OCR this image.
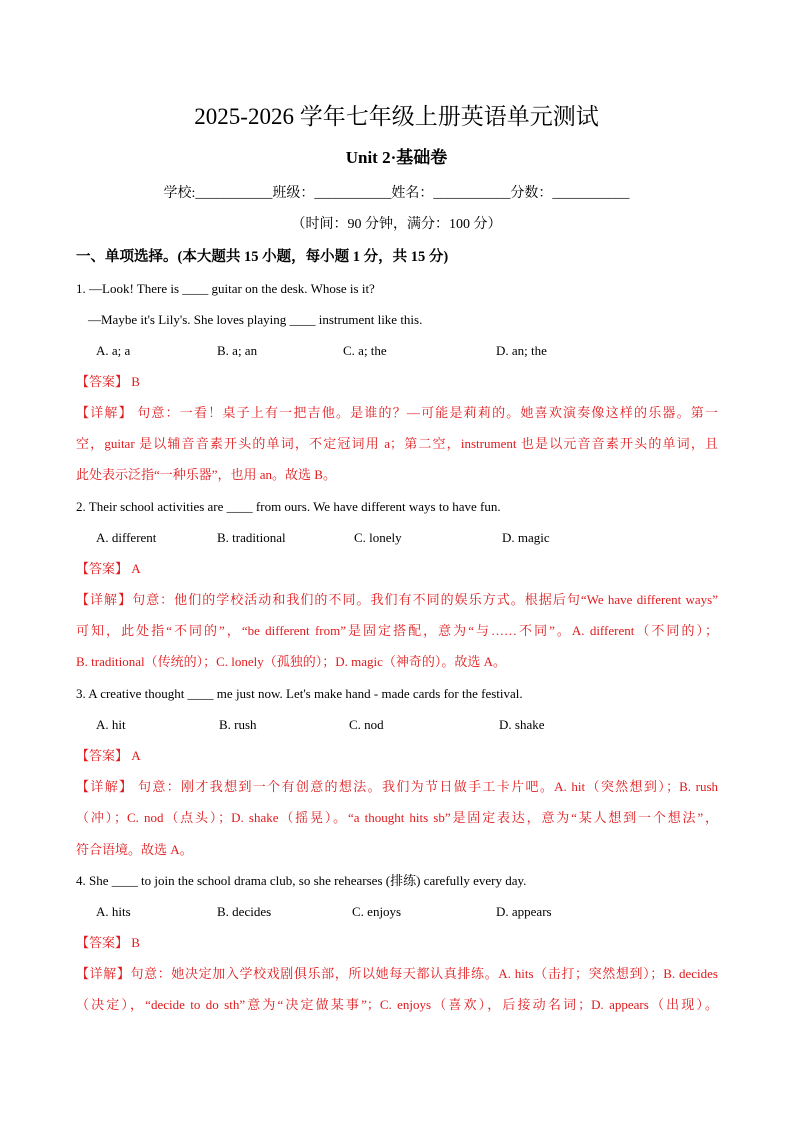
2025-2026 学年七年级上册英语单元测试
Unit 2·基础卷
学校:___________班级：___________姓名：___________分数：___________
（时间：90 分钟，满分：100 分）
一、单项选择。(本大题共 15 小题，每小题 1 分，共 15 分)
1. —Look! There is ____ guitar on the desk. Whose is it?
—Maybe it's Lily's. She loves playing ____ instrument like this.
A. a; a	B. a; an	C. a; the	D. an; the
【答案】 B
【详解】 句意：一看！桌子上有一把吉他。是谁的？—可能是莉莉的。她喜欢演奏像这样的乐器。第一
空，guitar 是以辅音音素开头的单词，不定冠词用 a；第二空，instrument 也是以元音音素开头的单词，且
此处表示泛指“一种乐器”，也用 an。故选 B。
2. Their school activities are ____ from ours. We have different ways to have fun.
A. different	B. traditional	C. lonely	D. magic
【答案】 A
【详解】句意：他们的学校活动和我们的不同。我们有不同的娱乐方式。根据后句“We have different ways”
可知，此处指“不同的”，“be different from”是固定搭配，意为“与……不同”。A. different（不同的）；
B. traditional（传统的）；C. lonely（孤独的）；D. magic（神奇的）。故选 A。
3. A creative thought ____ me just now. Let's make hand - made cards for the festival.
A. hit	B. rush	C. nod	D. shake
【答案】 A
【详解】 句意：刚才我想到一个有创意的想法。我们为节日做手工卡片吧。A. hit（突然想到）；B. rush
（冲）；C. nod（点头）；D. shake（摇晃）。“a thought hits sb”是固定表达，意为“某人想到一个想法”，
符合语境。故选 A。
4. She ____ to join the school drama club, so she rehearses (排练) carefully every day.
A. hits	B. decides	C. enjoys	D. appears
【答案】 B
【详解】句意：她决定加入学校戏剧俱乐部，所以她每天都认真排练。A. hits（击打；突然想到）；B. decides
（决定），“decide to do sth”意为“决定做某事”；C. enjoys（喜欢），后接动名词；D. appears（出现）。
